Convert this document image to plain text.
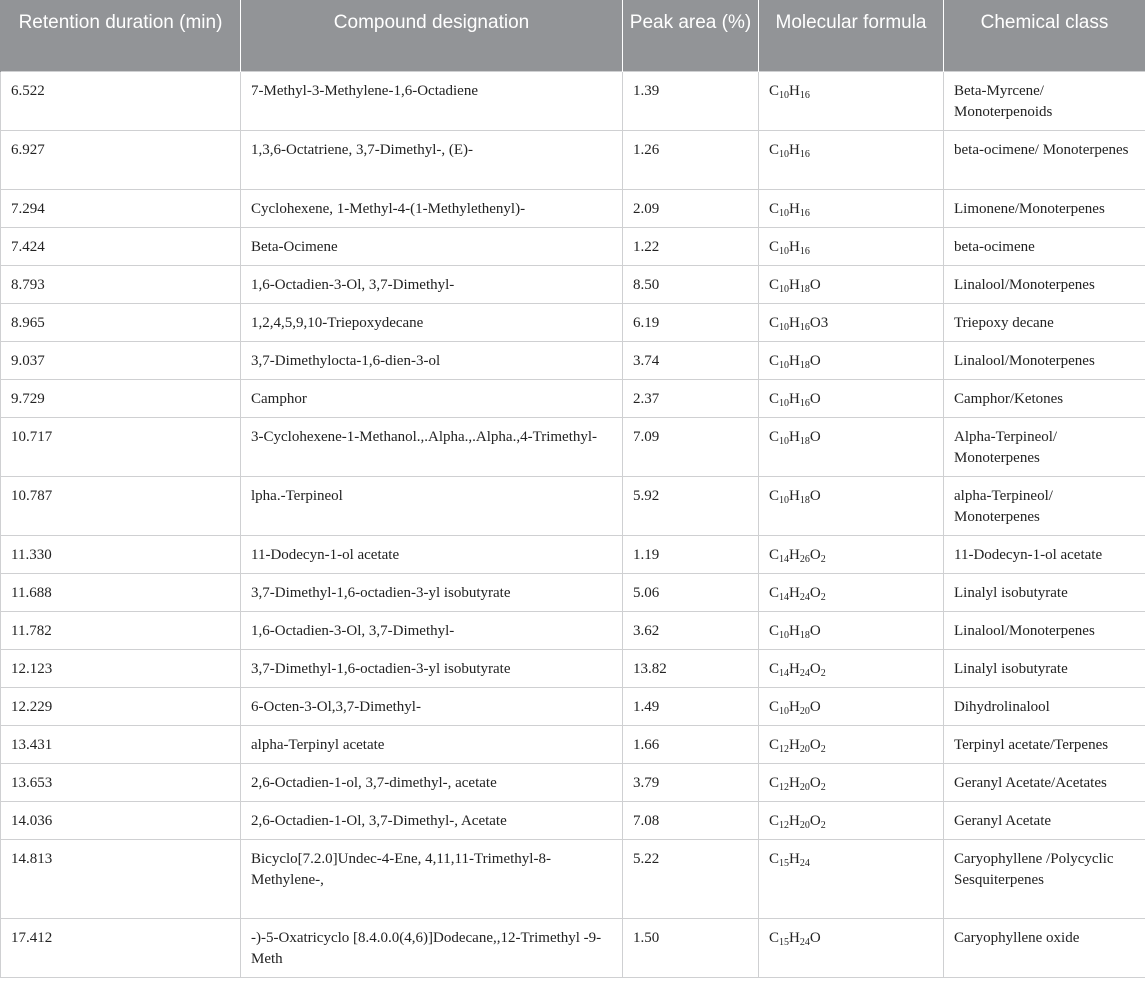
Retention duration (min)	Compound designation	Peak area (%)	Molecular formula	Chemical class
6.522	7-Methyl-3-Methylene-1,6-Octadiene	1.39	$C_{10}H_{16}$	Beta-Myrcene/ Monoterpenoids
6.927	1,3,6-Octatriene, 3,7-Dimethyl-, (E)-	1.26	$C_{10}H_{16}$	beta-ocimene/ Monoterpenes
7.294	Cyclohexene, 1-Methyl-4-(1-Methylethenyl)-	2.09	$C_{10}H_{16}$	Limonene/Monoterpenes
7.424	Beta-Ocimene	1.22	$C_{10}H_{16}$	beta-ocimene
8.793	1,6-Octadien-3-Ol, 3,7-Dimethyl-	8.50	$C_{10}H_{18}O$	Linalool/Monoterpenes
8.965	1,2,4,5,9,10-Triepoxydecane	6.19	$C_{10}H_{16}O3$	Triepoxy decane
9.037	3,7-Dimethylocta-1,6-dien-3-ol	3.74	$C_{10}H_{18}O$	Linalool/Monoterpenes
9.729	Camphor	2.37	$C_{10}H_{16}O$	Camphor/Ketones
10.717	3-Cyclohexene-1-Methanol.,.Alpha.,.Alpha.,4-Trimethyl-	7.09	$C_{10}H_{18}O$	Alpha-Terpineol/ Monoterpenes
10.787	lpha.-Terpineol	5.92	$C_{10}H_{18}O$	alpha-Terpineol/ Monoterpenes
11.330	11-Dodecyn-1-ol acetate	1.19	$C_{14}H_{26}O_2$	11-Dodecyn-1-ol acetate
11.688	3,7-Dimethyl-1,6-octadien-3-yl isobutyrate	5.06	$C_{14}H_{24}O_2$	Linalyl isobutyrate
11.782	1,6-Octadien-3-Ol, 3,7-Dimethyl-	3.62	$C_{10}H_{18}O$	Linalool/Monoterpenes
12.123	3,7-Dimethyl-1,6-octadien-3-yl isobutyrate	13.82	$C_{14}H_{24}O_2$	Linalyl isobutyrate
12.229	6-Octen-3-Ol,3,7-Dimethyl-	1.49	$C_{10}H_{20}O$	Dihydrolinalool
13.431	alpha-Terpinyl acetate	1.66	$C_{12}H_{20}O_2$	Terpinyl acetate/Terpenes
13.653	2,6-Octadien-1-ol, 3,7-dimethyl-, acetate	3.79	$C_{12}H_{20}O_2$	Geranyl Acetate/Acetates
14.036	2,6-Octadien-1-Ol, 3,7-Dimethyl-, Acetate	7.08	$C_{12}H_{20}O_2$	Geranyl Acetate
14.813	Bicyclo[7.2.0]Undec-4-Ene, 4,11,11-Trimethyl-8-Methylene-,	5.22	$C_{15}H_{24}$	Caryophyllene /Polycyclic Sesquiterpenes
17.412	-)-5-Oxatricyclo [8.4.0.0(4,6)]Dodecane,,12-Trimethyl -9-Meth	1.50	$C_{15}H_{24}O$	Caryophyllene oxide
